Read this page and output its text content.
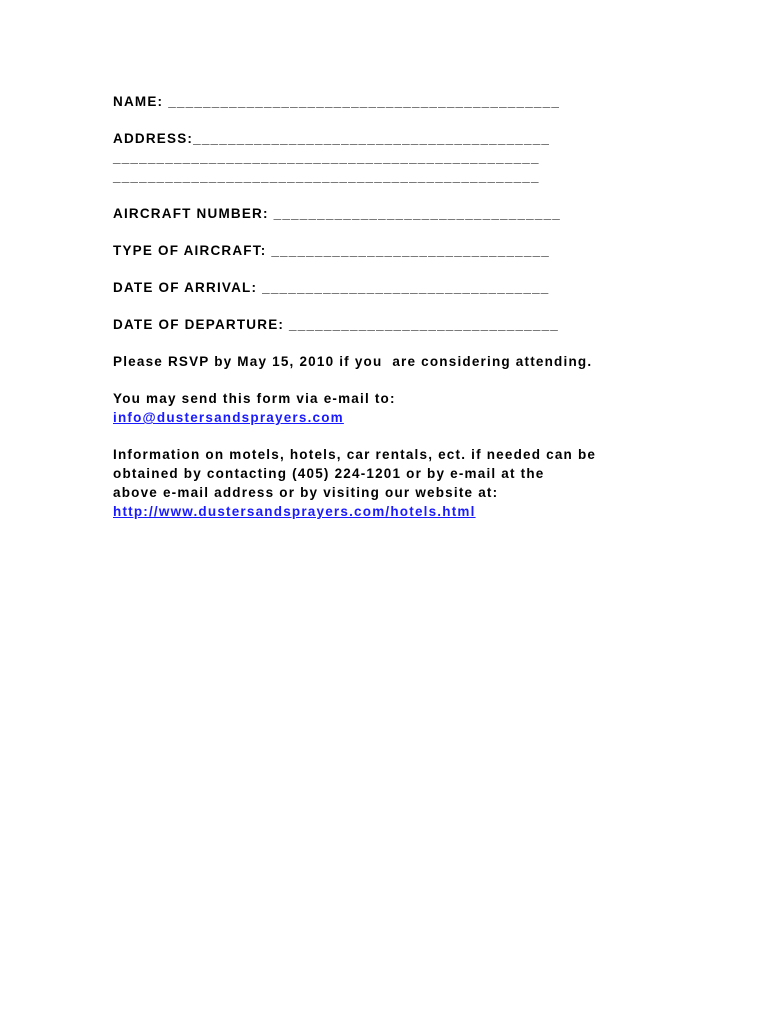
NAME: _____________________________________________
ADDRESS:_________________________________________
_________________________________________________
_________________________________________________
AIRCRAFT NUMBER: _________________________________
TYPE OF AIRCRAFT: ________________________________
DATE OF ARRIVAL: _________________________________
DATE OF DEPARTURE: _______________________________
Please RSVP by May 15, 2010 if you  are considering attending.
You may send this form via e-mail to:
info@dustersandsprayers.com
Information on motels, hotels, car rentals, ect. if needed can be
obtained by contacting (405) 224-1201 or by e-mail at the
above e-mail address or by visiting our website at:
http://www.dustersandsprayers.com/hotels.html
